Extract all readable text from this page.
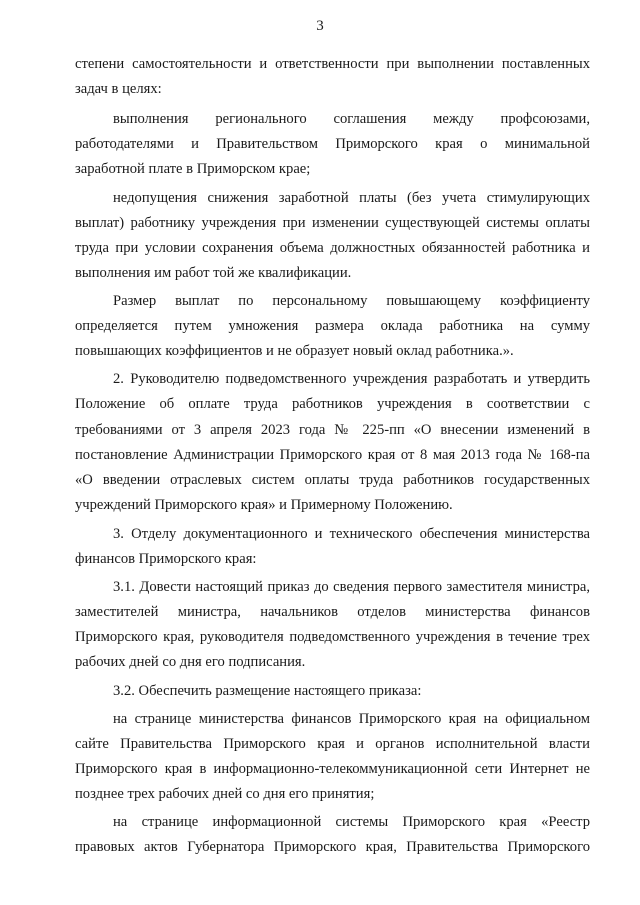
3
степени самостоятельности и ответственности при выполнении поставленных
задач в целях:
выполнения регионального соглашения между профсоюзами,
работодателями и Правительством Приморского края о минимальной
заработной плате в Приморском крае;
недопущения снижения заработной платы (без учета стимулирующих
выплат) работнику учреждения при изменении существующей системы оплаты
труда при условии сохранения объема должностных обязанностей работника и
выполнения им работ той же квалификации.
Размер выплат по персональному повышающему коэффициенту
определяется путем умножения размера оклада работника на сумму
повышающих коэффициентов и не образует новый оклад работника.».
2. Руководителю подведомственного учреждения разработать и утвердить
Положение об оплате труда работников учреждения в соответствии с
требованиями от 3 апреля 2023 года № 225-пп «О внесении изменений в
постановление Администрации Приморского края от 8 мая 2013 года № 168-па
«О введении отраслевых систем оплаты труда работников государственных
учреждений Приморского края» и Примерному Положению.
3. Отделу документационного и технического обеспечения министерства
финансов Приморского края:
3.1. Довести настоящий приказ до сведения первого заместителя министра,
заместителей министра, начальников отделов министерства финансов
Приморского края, руководителя подведомственного учреждения в течение трех
рабочих дней со дня его подписания.
3.2. Обеспечить размещение настоящего приказа:
на странице министерства финансов Приморского края на официальном
сайте Правительства Приморского края и органов исполнительной власти
Приморского края в информационно-телекоммуникационной сети Интернет не
позднее трех рабочих дней со дня его принятия;
на странице информационной системы Приморского края «Реестр
правовых актов Губернатора Приморского края, Правительства Приморского
